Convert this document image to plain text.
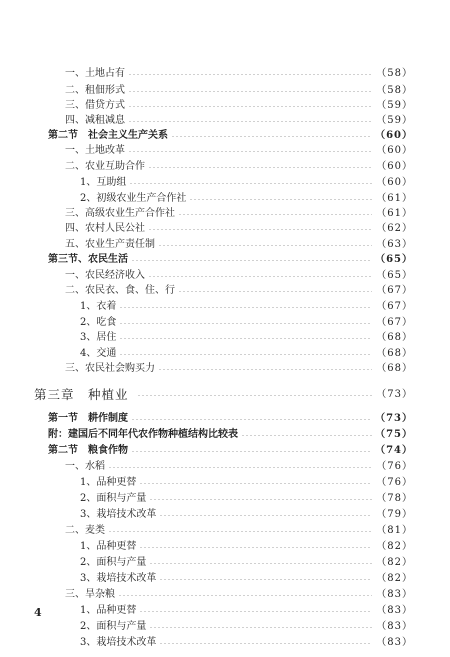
一、土地占有	（58）
二、租佃形式	（58）
三、借贷方式	（59）
四、减租减息	（59）
第二节　社会主义生产关系	（60）
一、土地改革	（60）
二、农业互助合作	（60）
1、互助组	（60）
2、初级农业生产合作社	（61）
三、高级农业生产合作社	（61）
四、农村人民公社	（62）
五、农业生产责任制	（63）
第三节、农民生活	（65）
一、农民经济收入	（65）
二、农民衣、食、住、行	（67）
1、衣着	（67）
2、吃食	（67）
3、居住	（68）
4、交通	（68）
三、农民社会购买力	（68）
第三章　种植业	（73）
第一节　耕作制度	（73）
附：建国后不同年代农作物种植结构比较表	（75）
第二节　粮食作物	（74）
一、水稻	（76）
1、品种更替	（76）
2、面积与产量	（78）
3、栽培技术改革	（79）
二、麦类	（81）
1、品种更替	（82）
2、面积与产量	（82）
3、栽培技术改革	（82）
三、旱杂粮	（83）
1、品种更替	（83）
2、面积与产量	（83）
3、栽培技术改革	（83）
4
